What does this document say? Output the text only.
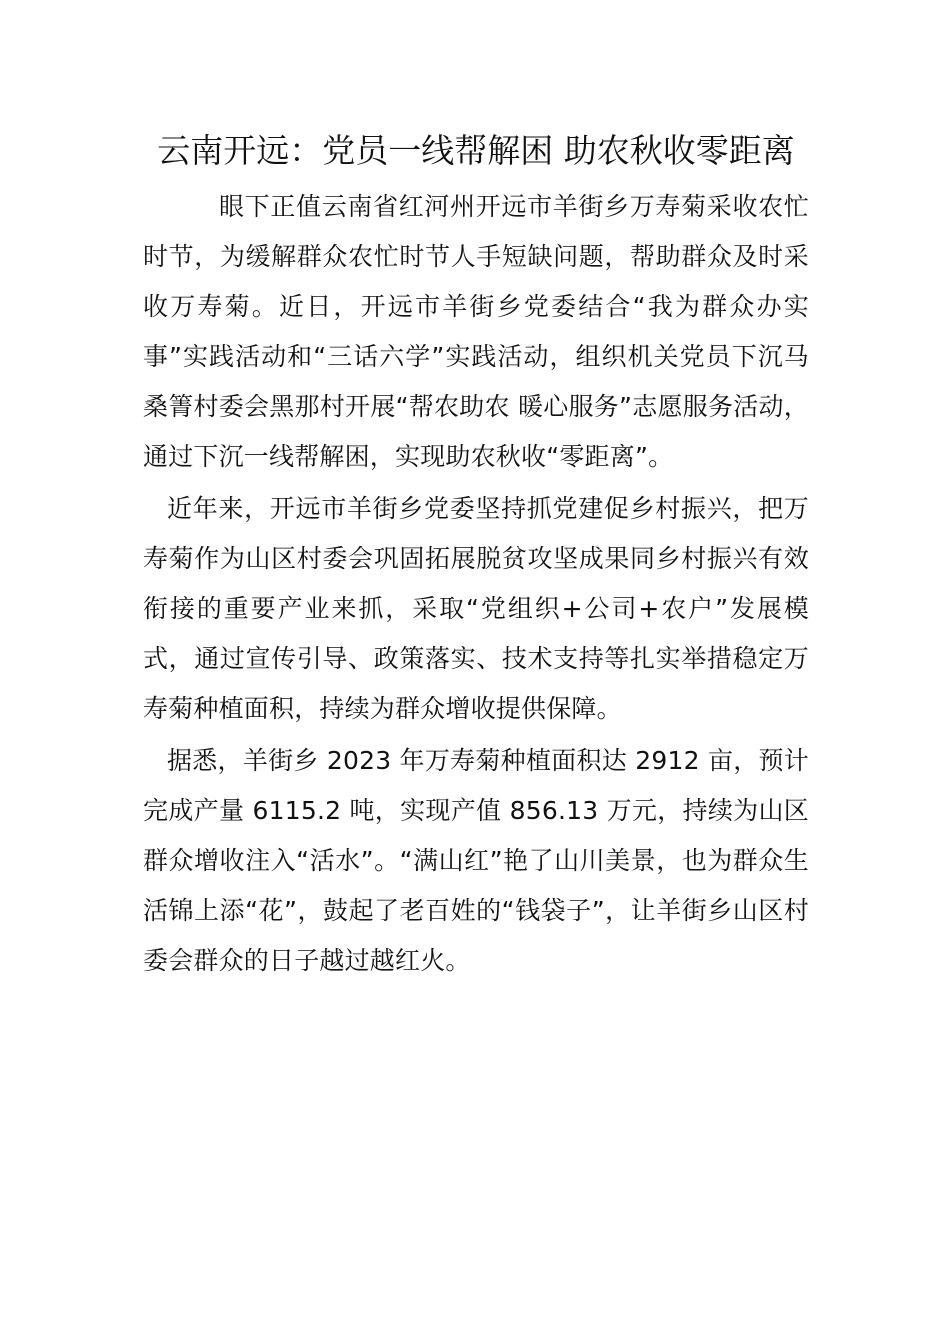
云南开远：党员一线帮解困 助农秋收零距离

眼下正值云南省红河州开远市羊街乡万寿菊采收农忙时节，为缓解群众农忙时节人手短缺问题，帮助群众及时采收万寿菊。近日，开远市羊街乡党委结合“我为群众办实事”实践活动和“三话六学”实践活动，组织机关党员下沉马桑箐村委会黑那村开展“帮农助农 暖心服务”志愿服务活动，通过下沉一线帮解困，实现助农秋收“零距离”。

近年来，开远市羊街乡党委坚持抓党建促乡村振兴，把万寿菊作为山区村委会巩固拓展脱贫攻坚成果同乡村振兴有效衔接的重要产业来抓，采取“党组织+公司+农户”发展模式，通过宣传引导、政策落实、技术支持等扎实举措稳定万寿菊种植面积，持续为群众增收提供保障。

据悉，羊街乡 2023 年万寿菊种植面积达 2912 亩，预计完成产量 6115.2 吨，实现产值 856.13 万元，持续为山区群众增收注入“活水”。“满山红”艳了山川美景，也为群众生活锦上添“花”，鼓起了老百姓的“钱袋子”，让羊街乡山区村委会群众的日子越过越红火。
